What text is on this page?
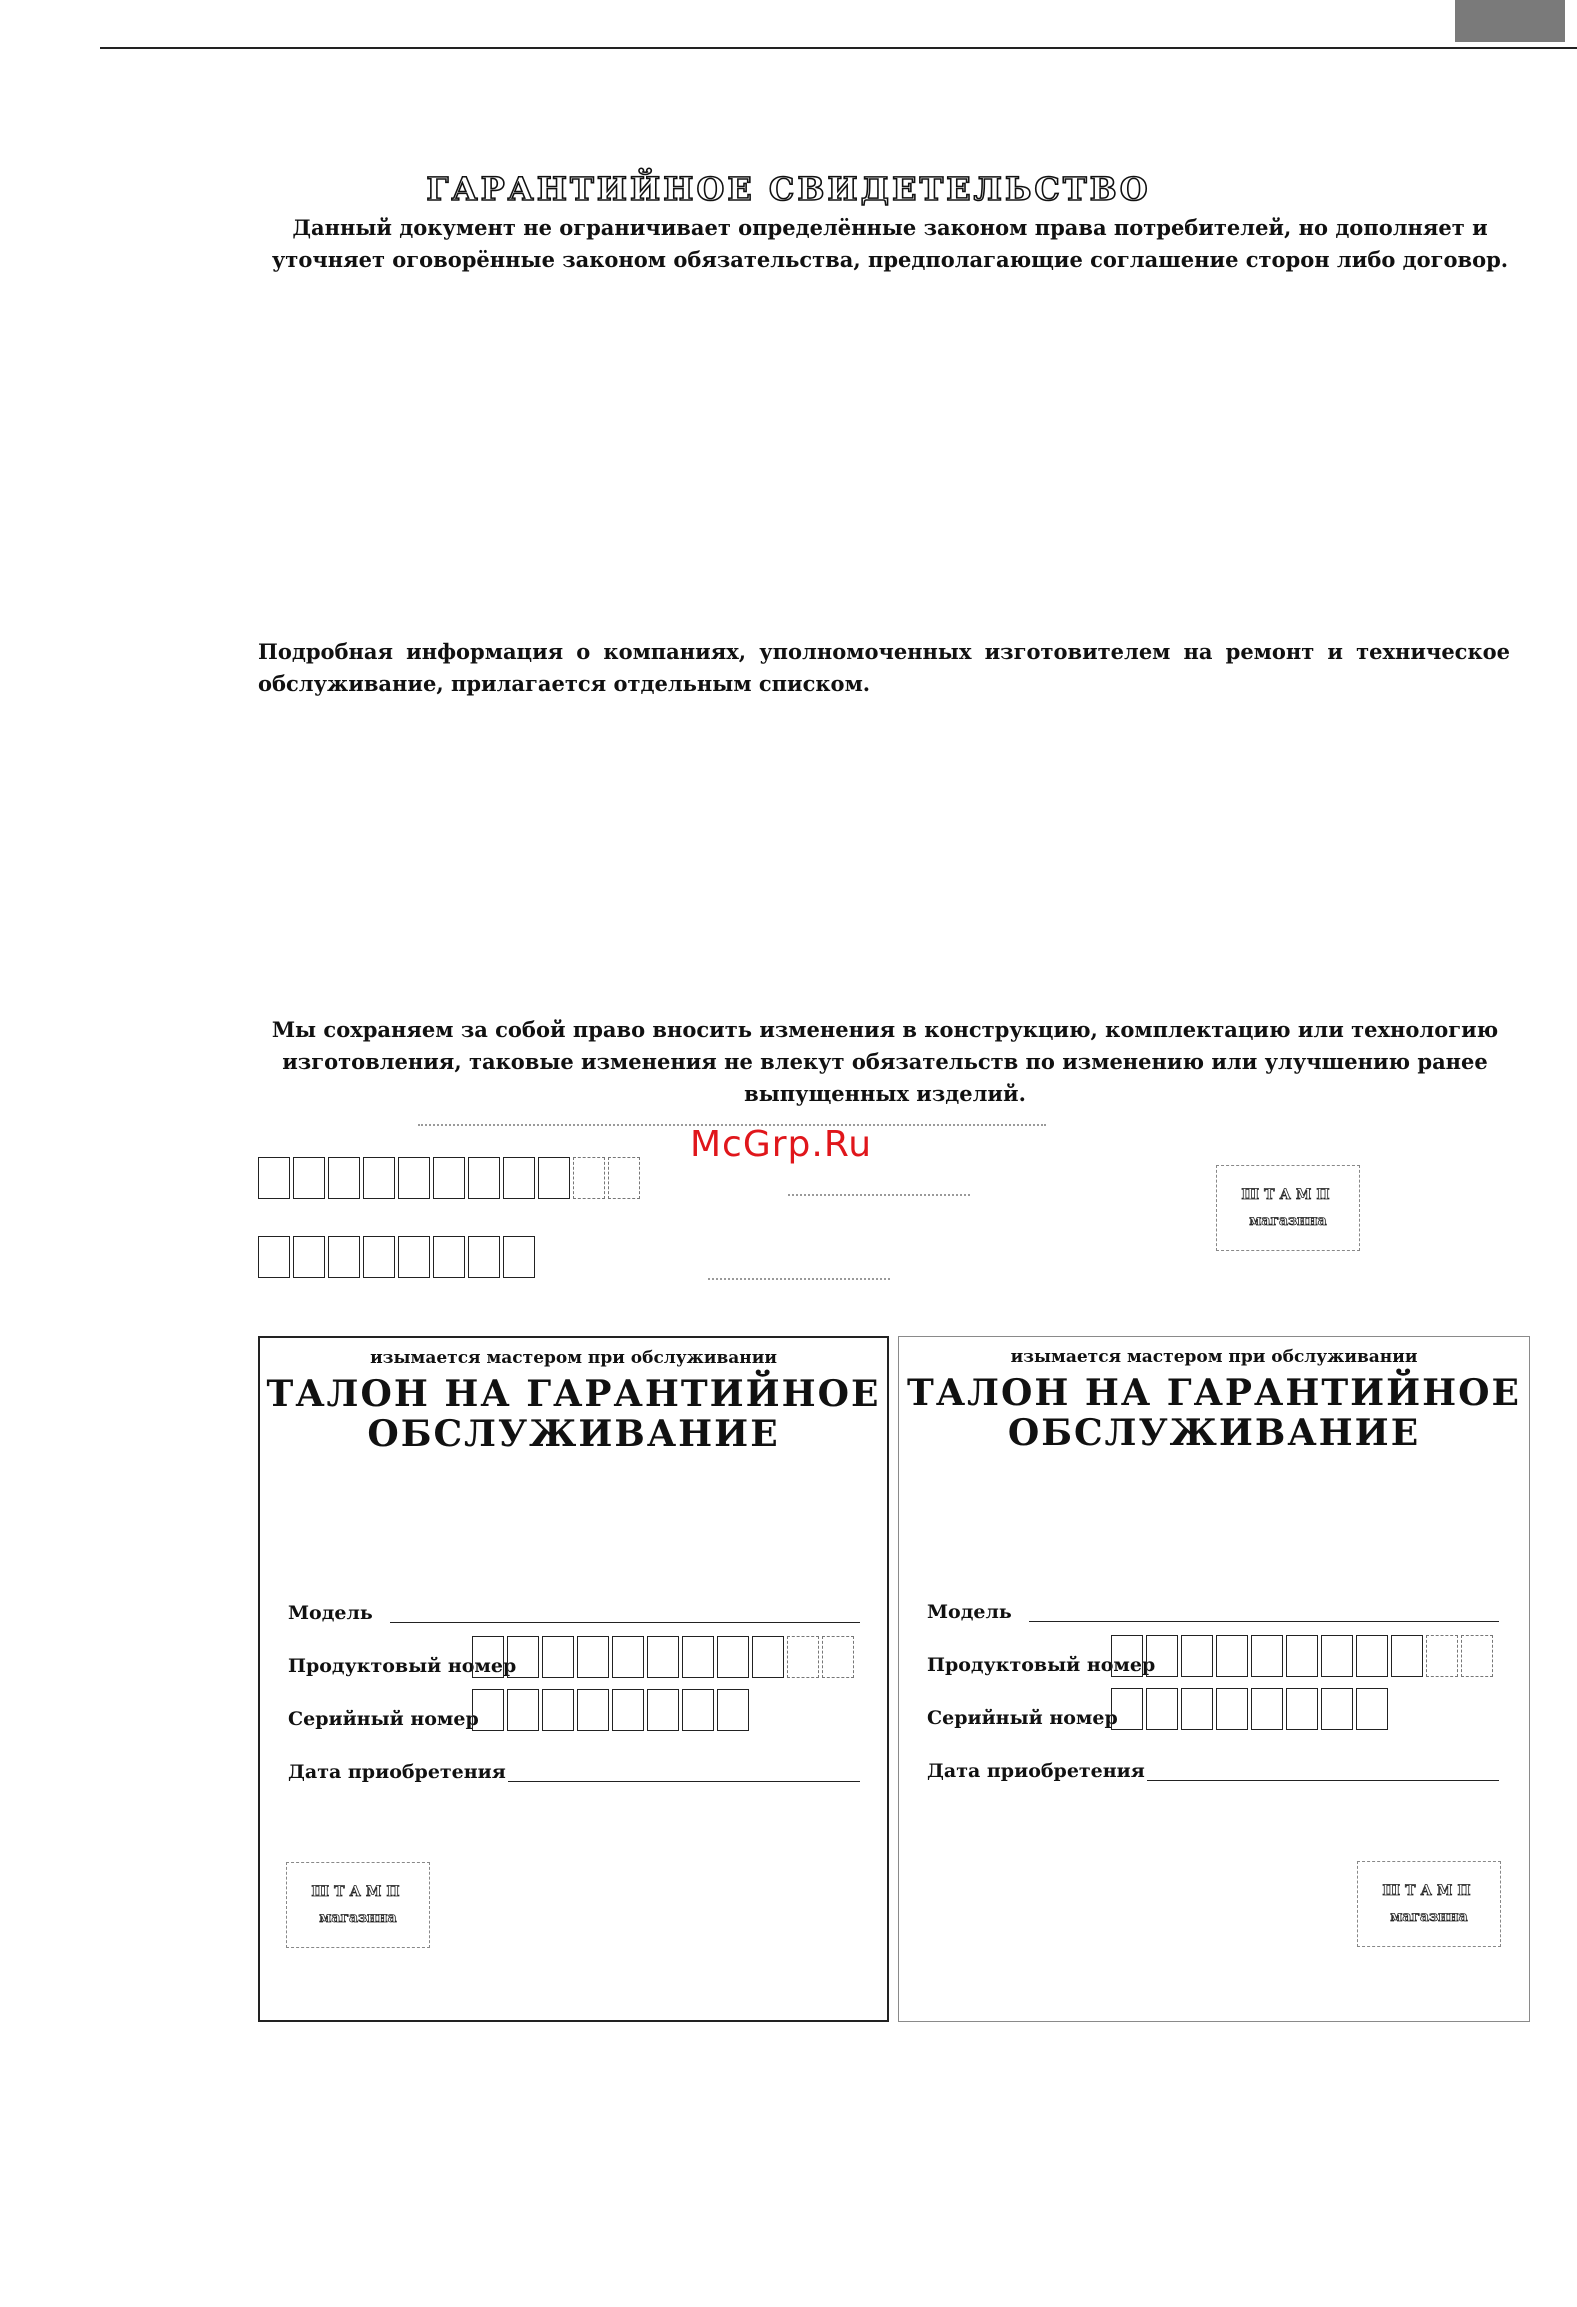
ГАРАНТИЙНОЕ СВИДЕТЕЛЬСТВО
Данный документ не ограничивает определённые законом права потребителей, но дополняет и уточняет оговорённые законом обязательства, предполагающие соглашение сторон либо договор.
Подробная информация о компаниях, уполномоченных изготовителем на ремонт и техническое обслуживание, прилагается отдельным списком.
Мы сохраняем за собой право вносить изменения в конструкцию, комплектацию или технологию изготовления, таковые изменения не влекут обязательств по изменению или улучшению ранее выпущенных изделий.
McGrp.Ru
ШТАМП
магазина
изымается мастером при обслуживании
ТАЛОН НА ГАРАНТИЙНОЕ
ОБСЛУЖИВАНИЕ
Модель
Продуктовый номер
Серийный номер
Дата приобретения
ШТАМП
магазина
изымается мастером при обслуживании
ТАЛОН НА ГАРАНТИЙНОЕ
ОБСЛУЖИВАНИЕ
Модель
Продуктовый номер
Серийный номер
Дата приобретения
ШТАМП
магазина
